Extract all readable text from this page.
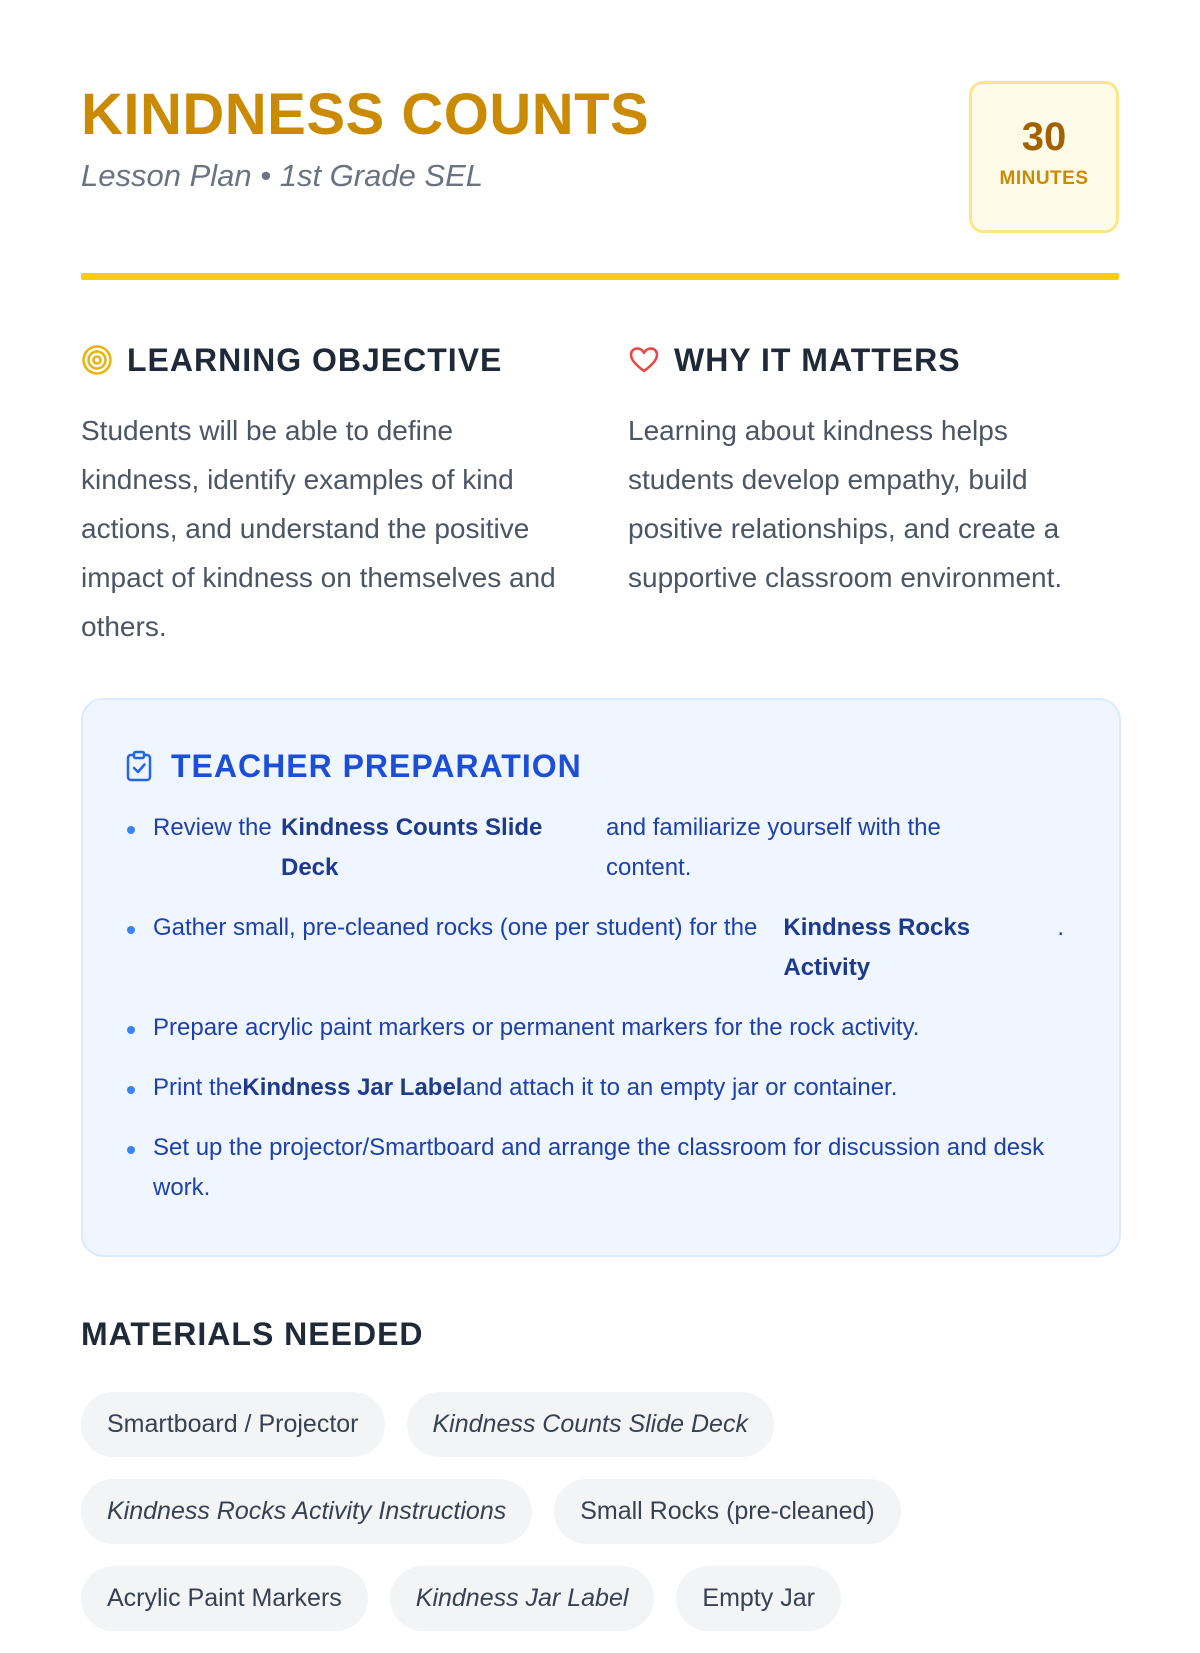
KINDNESS COUNTS
Lesson Plan • 1st Grade SEL
30
MINUTES
LEARNING OBJECTIVE

Students will be able to define kindness, identify examples of kind actions, and understand the positive impact of kindness on themselves and others.

WHY IT MATTERS

Learning about kindness helps students develop empathy, build positive relationships, and create a supportive classroom environment.

TEACHER PREPARATION
Review the Kindness Counts Slide Deck
and familiarize yourself with the content.
Gather small, pre-cleaned rocks (one per student) for the	Kindness Rocks Activity
.
Prepare acrylic paint markers or permanent markers for the rock activity.
Print theKindness Jar Labeland attach it to an empty jar or container.
Set up the projector/Smartboard and arrange the classroom for discussion and desk work.
MATERIALS NEEDED
Smartboard / Projector	Kindness Counts Slide Deck
Kindness Rocks Activity Instructions	Small Rocks (pre-cleaned)
Acrylic Paint Markers	Kindness Jar Label	Empty Jar
